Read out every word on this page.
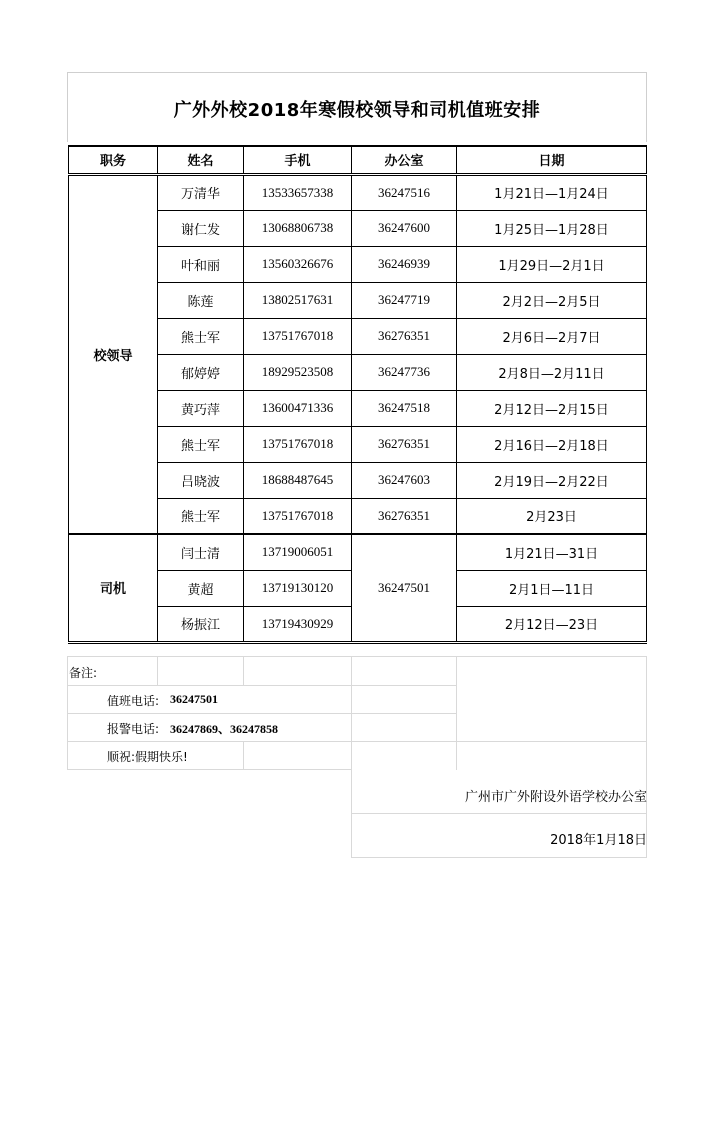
广外外校2018年寒假校领导和司机值班安排
职务	姓名	手机	办公室	日期
校领导	万清华	13533657338	36247516	1月21日—1月24日
	谢仁发	13068806738	36247600	1月25日—1月28日
	叶和丽	13560326676	36246939	1月29日—2月1日
	陈莲	13802517631	36247719	2月2日—2月5日
	熊士军	13751767018	36276351	2月6日—2月7日
	郁婷婷	18929523508	36247736	2月8日—2月11日
	黄巧萍	13600471336	36247518	2月12日—2月15日
	熊士军	13751767018	36276351	2月16日—2月18日
	吕晓波	18688487645	36247603	2月19日—2月22日
	熊士军	13751767018	36276351	2月23日
司机	闫士清	13719006051	36247501	1月21日—31日
	黄超	13719130120		2月1日—11日
	杨振江	13719430929		2月12日—23日
备注:
值班电话: 36247501
报警电话: 36247869、36247858
顺祝:假期快乐!
广州市广外附设外语学校办公室
2018年1月18日
